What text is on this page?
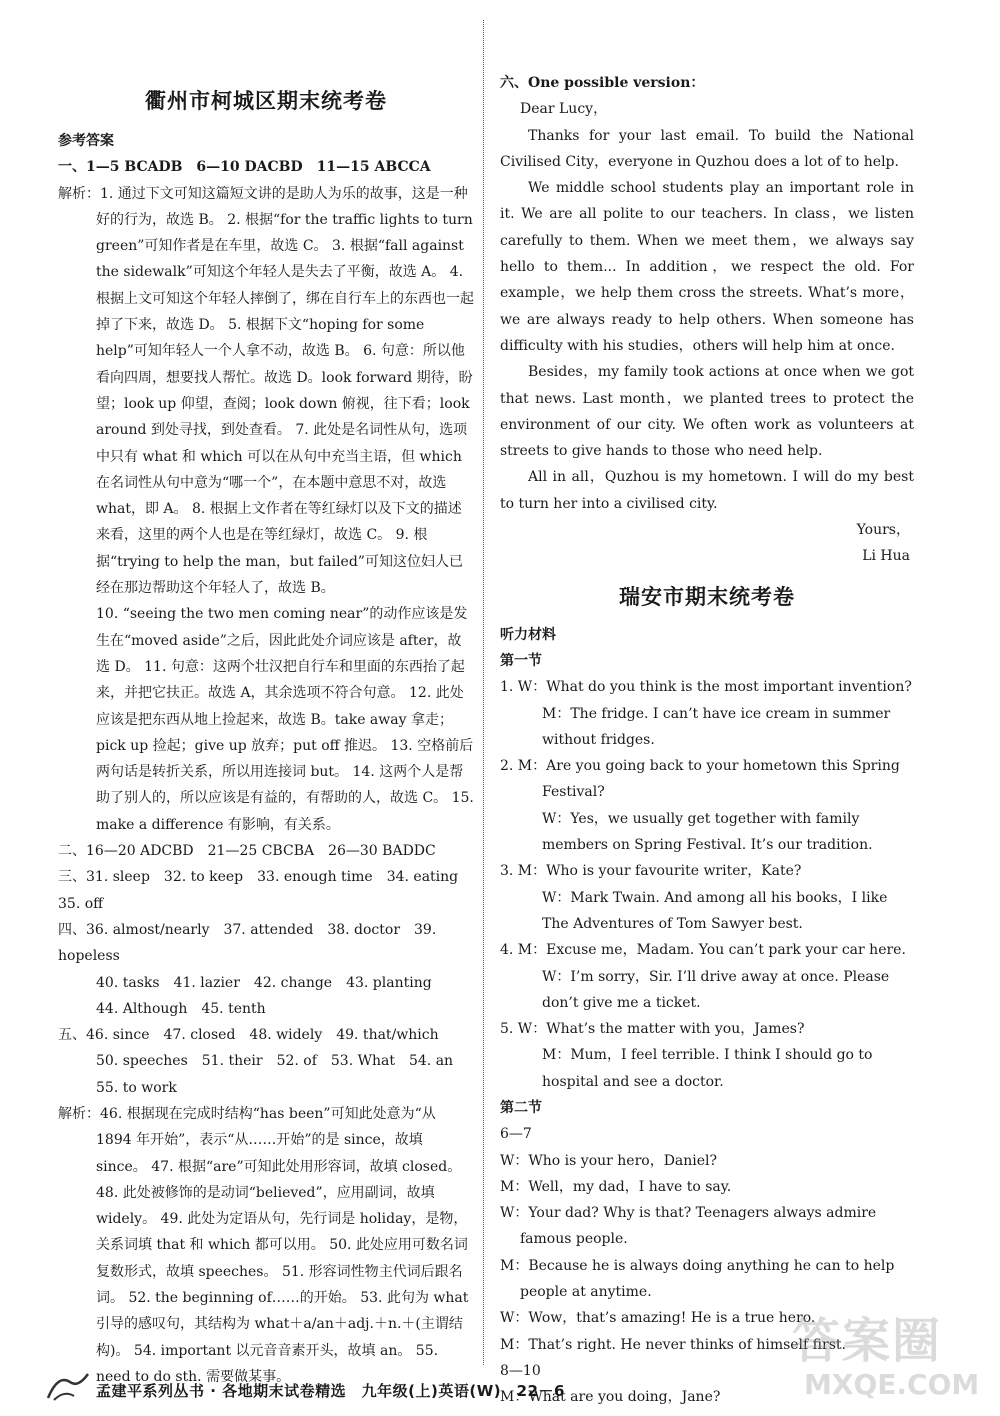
衢州市柯城区期末统考卷

参考答案

一、1—5 BCADB　6—10 DACBD　11—15 ABCCA

解析：1. 通过下文可知这篇短文讲的是助人为乐的故事，这是一种好的行为，故选 B。 2. 根据“for the traffic lights to turn green”可知作者是在车里，故选 C。 3. 根据“fall against the sidewalk”可知这个年轻人是失去了平衡，故选 A。 4. 根据上文可知这个年轻人摔倒了，绑在自行车上的东西也一起掉了下来，故选 D。 5. 根据下文“hoping for some help”可知年轻人一个人拿不动，故选 B。 6. 句意：所以他看向四周，想要找人帮忙。故选 D。look forward 期待，盼望；look up 仰望，查阅；look down 俯视，往下看；look around 到处寻找，到处查看。 7. 此处是名词性从句，选项中只有 what 和 which 可以在从句中充当主语，但 which 在名词性从句中意为“哪一个”，在本题中意思不对，故选 what，即 A。 8. 根据上文作者在等红绿灯以及下文的描述来看，这里的两个人也是在等红绿灯，故选 C。 9. 根据“trying to help the man，but failed”可知这位妇人已经在那边帮助这个年轻人了，故选 B。

10. “seeing the two men coming near”的动作应该是发生在“moved aside”之后，因此此处介词应该是 after，故选 D。 11. 句意：这两个壮汉把自行车和里面的东西抬了起来，并把它扶正。故选 A，其余选项不符合句意。 12. 此处应该是把东西从地上捡起来，故选 B。take away 拿走；pick up 捡起；give up 放弃；put off 推迟。 13. 空格前后两句话是转折关系，所以用连接词 but。 14. 这两个人是帮助了别人的，所以应该是有益的，有帮助的人，故选 C。 15. make a difference 有影响，有关系。

二、16—20 ADCBD　21—25 CBCBA　26—30 BADDC

三、31. sleep　32. to keep　33. enough time　34. eating　35. off

四、36. almost/nearly　37. attended　38. doctor　39. hopeless

40. tasks　41. lazier　42. change　43. planting

44. Although　45. tenth

五、46. since　47. closed　48. widely　49. that/which

50. speeches　51. their　52. of　53. What　54. an　55. to work

解析：46. 根据现在完成时结构“has been”可知此处意为“从 1894 年开始”，表示“从……开始”的是 since，故填 since。 47. 根据“are”可知此处用形容词，故填 closed。 48. 此处被修饰的是动词“believed”，应用副词，故填 widely。 49. 此处为定语从句，先行词是 holiday，是物，关系词填 that 和 which 都可以用。 50. 此处应用可数名词复数形式，故填 speeches。 51. 形容词性物主代词后跟名词。 52. the beginning of……的开始。 53. 此句为 what 引导的感叹句，其结构为 what＋a/an＋adj.＋n.＋(主谓结构)。 54. important 以元音音素开头，故填 an。 55. need to do sth. 需要做某事。

六、One possible version：

Dear Lucy，

Thanks for your last email. To build the National Civilised City，everyone in Quzhou does a lot of to help.

We middle school students play an important role in it. We are all polite to our teachers. In class，we listen carefully to them. When we meet them，we always say hello to them... In addition，we respect the old. For example，we help them cross the streets. What’s more，we are always ready to help others. When someone has difficulty with his studies，others will help him at once.

Besides，my family took actions at once when we got that news. Last month，we planted trees to protect the environment of our city. We often work as volunteers at streets to give hands to those who need help.

All in all，Quzhou is my hometown. I will do my best to turn her into a civilised city.

Yours，

Li Hua

瑞安市期末统考卷

听力材料

第一节

1. W：What do you think is the most important invention?

M：The fridge. I can’t have ice cream in summer without fridges.

2. M：Are you going back to your hometown this Spring Festival?

W：Yes，we usually get together with family members on Spring Festival. It’s our tradition.

3. M：Who is your favourite writer，Kate?

W：Mark Twain. And among all his books，I like The Adventures of Tom Sawyer best.

4. M：Excuse me，Madam. You can’t park your car here.

W：I’m sorry，Sir. I’ll drive away at once. Please don’t give me a ticket.

5. W：What’s the matter with you，James?

M：Mum，I feel terrible. I think I should go to hospital and see a doctor.

第二节

6—7

W：Who is your hero，Daniel?

M：Well，my dad，I have to say.

W：Your dad? Why is that? Teenagers always admire famous people.

M：Because he is always doing anything he can to help people at anytime.

W：Wow，that’s amazing! He is a true hero.

M：That’s right. He never thinks of himself first.

8—10

M：What are you doing，Jane?

孟建平系列丛书 · 各地期末试卷精选　九年级(上)英语(W)　22－6
答案圈
MXQE.COM
